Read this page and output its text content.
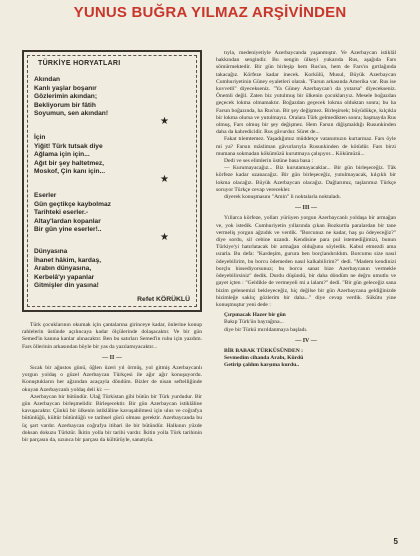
YUNUS BUĞRA YILMAZ ARŞİVİNDEN
TÜRKİYE HORYATLARI
Akından
Kanlı yaşlar boşanır
Gözlerimin akından;
Bekliyorum bir fâtih
Soyumun, sen akından!
★
İçin
Yiğit! Türk tutsak diye
Ağlama için için...
Ağıt bir şey haltetmez,
Moskof, Çin kanı için...
★
Eserler
Gün geçtikçe kaybolmaz
Tarihteki eserler.-
Altay'lardan kopanlar
Bir gün yine eserler!..
★
Dünyasına
İhanet hâkim, kardaş,
Arabın dünyasına,
Kerbelâ'yı yapanlar
Gitmişler din yasına!
Refet KÖRÜKLÜ

Türk çocuklarının okumak için çantalarına girinceye kadar, önlerine konup rahlelerin üstünde açılıncaya kadar ölçülerinde dolaşacaktır. Ve bir gün Semed'in kanına kanlar alınacaktır. Ben bu satırları Semed'in ruhu için yazdım. Fars öllerinin arkasından böyle bir yas da yazılamıyacaktır...

— II —

Sıcak bir ağustos günü, öğlen üzeri yıl örmüş, yol gitmiş Azerbaycanlı yorgun yoldaş o güzel Azerbaycan Türkçesi ile ağır ağır konuşuyordu. Konuştukların her ağzından acaçayla döndüm. Bizler de nisan seftelliğinde okuyan Azerbaycanlı yoldaş deli ki: —

Azerbaycan bir bütündür. Ulağ Türkistan gibi bütün bir Türk yurdudur. Bir gün Azerbaycan birleşmelidir. Birleşecektir. Bir gün Azerbaycan istiklâline kavuşacaktır. Çünkü bir ülkenin istiklâline kavuşabilmesi için ulus ve coğrafya bütünlüğü, kültür bütünlüğü ve tarihsel gücü olması gerektir. Azerbaycanda bu üç şart vardır. Azerbaycan coğrafya itibari ile bir bütündür. Halkının yüzde doksan dokuzu Türktür. İkitin yolla bir tarihi vardır. İkitin yolla Türk tarihinin bir parçasın da, uzunca bir parçası da kültürüyle, sanatıyla.

tıyla, medeniyetiyle Azerbaycanda yaşanmıştır. Ve Azerbaycan istiklâl hakkından sengindir. Bu sengin ülkeyi yukarıda Rus, aşağıda Fars sömürmektedir. Bir gün birleşip hem Rus'un, hem de Fars'ın gırtlağında takacağız. Körfeze kadar inecek. Korkülü, Musul, Büyük Azerbaycan Cumhuriyetinin Güney eyaletleri olarak. "Farsın arkasında Amerika var. Rus ise kuvvetli" diyecekseniz. "Ya Güney Azerbaycan'ı da yutarsa" diyecekseniz. Önemli değil. Zaten biz yutulmuş bir ülkenin çocuklarıyız. Mesele boğazdan geçecek lokma olmamaktır. Boğazdan geçecek lokma olduktan sonra; bu ha Farsın boğazında, ha Rus'un. Bir şey değişmez. Birleşirsek; büyüdükçe, kılçıkla bir lokma olursa ve yutulmayız. Oralara Türk gelmedikten sonra; haşmayda Rus olmuş, Fars olmuş bir şey değişmez. Hem Farsın diğişmaldığı Rusunkinden daha da kahredicidir. Rus gâvurdur. Süret de...

Fakat tılemtemez. Yaşadığımız müddetçe vatanımızın kurtarmaz. Fars öyle mi ya? Farsın mâsliman gâvurlarıyla Rusunkinden de kötüdür. Fars birzi mumana sokmadan kökümüzü kurutmaya çalışıyor... Kökümüzü...

Dedi ve ses elimlerin üstüne basa basa :

— Kurumayacağız... Biz kurutamayacaklar... Bir gün birleşeceğiz. Tâk körfeze kadar uzanacağız. Bir gün birleşeceğiz, yutulmayacak, kılçıklı bir lokma olacağız. Büyük Azerbaycan olacağız. Dağlarımız, taşlarımız Türkçe soruyor Türkçe cevap verecekler.

diyerek konuşmasını "Amin" li noktalarla noktaladı.

— III —

Yıllarca körfeze, yolları yürüyen yorgun Azerbaycanlı yoldaşa bir armağan ve, yok istedik. Cumhuriyetin yıllarında çıkan Bozkurtla paralardan bir tane vermeliş yorgun ağzıdık ve verdik. "Borcunuz ne kadar, haş şu ödeyeceğiz?" diye sordu, sil cebine uzandı. Kendisine para pul istemediğimizi, bunun Türkiye'yi hatırlatacak bir armağan olduğunu söyledik. Kabul etmezdi ama ısrarla. Bu defa: "Kardeşim, gurura ben borçlandırıldım. Borcumu size nasıl ödeyebilirim, bu borcu ödemeden nasıl kalkabilirim?" dedi. "Madem kendinizi borçlu hissediyorsunuz; bu borcu sanat bize Azerbaycanın vermekle ödeyebilirsiniz" dedik. Durdu düşündü, bir daha döndüm ne değru umutlu ve gayet içten : "Geldikle de vermeyeli mi a lalam?" dedi. "Bir gün geleceğiz sana bizim gelenemizi bekleyeceğiz, hiç değilse bir gün Azerbaycana geldiğinizde bizimleğe saklıç gözlerim bir daha..." diye cevap verdik. Sükûtu yine konuşmuştur yeni dede :

Çırpınacak Hazer bir gün

Bakıp Türk'ün bayrağına...

diye bir Türkü mırıldanmaya başladı.

— IV —

BİR BABAK TÜRKÜSÜNDEN :

Sevmedim cihanda Arabı, Kürdü

Getirip çaldım karşıma kurdu..

5
